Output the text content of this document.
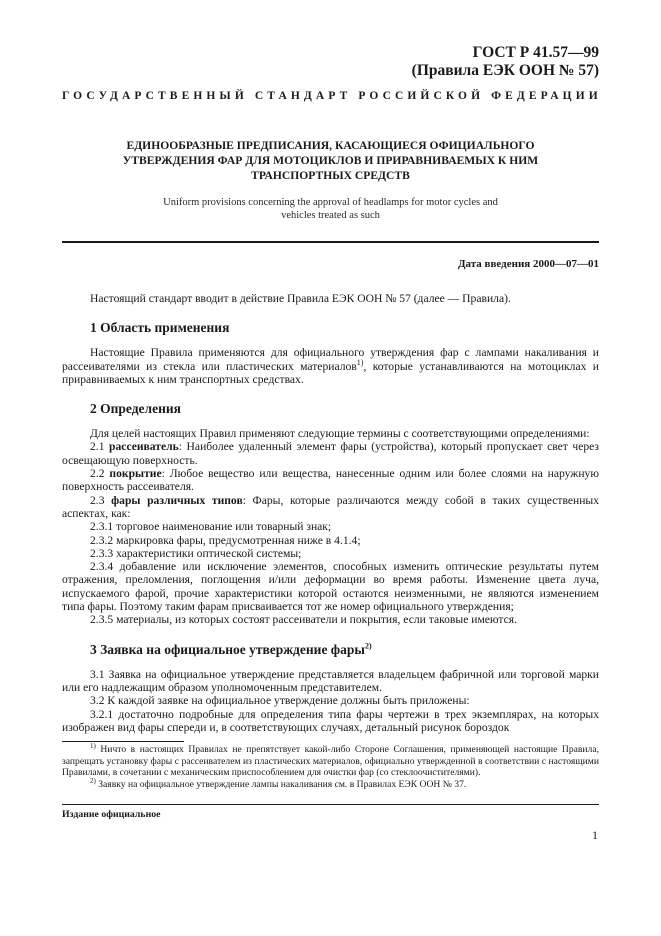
ГОСТ Р 41.57—99
(Правила ЕЭК ООН № 57)
ГОСУДАРСТВЕННЫЙ СТАНДАРТ РОССИЙСКОЙ ФЕДЕРАЦИИ
ЕДИНООБРАЗНЫЕ ПРЕДПИСАНИЯ, КАСАЮЩИЕСЯ ОФИЦИАЛЬНОГО
УТВЕРЖДЕНИЯ ФАР ДЛЯ МОТОЦИКЛОВ И ПРИРАВНИВАЕМЫХ К НИМ
ТРАНСПОРТНЫХ СРЕДСТВ
Uniform provisions concerning the approval of headlamps for motor cycles and
vehicles treated as such
Дата введения 2000—07—01

Настоящий стандарт вводит в действие Правила ЕЭК ООН № 57 (далее — Правила).

1 Область применения

Настоящие Правила применяются для официального утверждения фар с лампами накаливания и рассеивателями из стекла или пластических материалов$^{1)}$, которые устанавливаются на мотоциклах и приравниваемых к ним транспортных средствах.

2 Определения

Для целей настоящих Правил применяют следующие термины с соответствующими определениями:

2.1 рассеиватель: Наиболее удаленный элемент фары (устройства), который пропускает свет через освещающую поверхность.

2.2 покрытие: Любое вещество или вещества, нанесенные одним или более слоями на наружную поверхность рассеивателя.

2.3 фары различных типов: Фары, которые различаются между собой в таких существенных аспектах, как:

2.3.1 торговое наименование или товарный знак;

2.3.2 маркировка фары, предусмотренная ниже в 4.1.4;

2.3.3 характеристики оптической системы;

2.3.4 добавление или исключение элементов, способных изменить оптические результаты путем отражения, преломления, поглощения и/или деформации во время работы. Изменение цвета луча, испускаемого фарой, прочие характеристики которой остаются неизменными, не являются изменением типа фары. Поэтому таким фарам присваивается тот же номер официального утверждения;

2.3.5 материалы, из которых состоят рассеиватели и покрытия, если таковые имеются.

3 Заявка на официальное утверждение фары$^{2)}$

3.1 Заявка на официальное утверждение представляется владельцем фабричной или торговой марки или его надлежащим образом уполномоченным представителем.

3.2 К каждой заявке на официальное утверждение должны быть приложены:

3.2.1 достаточно подробные для определения типа фары чертежи в трех экземплярах, на которых изображен вид фары спереди и, в соответствующих случаях, детальный рисунок бороздок

$^{1)}$ Ничто в настоящих Правилах не препятствует какой-либо Стороне Соглашения, применяющей настоящие Правила, запрещать установку фары с рассеивателем из пластических материалов, официально утвержденной в соответствии с настоящими Правилами, в сочетании с механическим приспособлением для очистки фар (со стеклоочистителями).

$^{2)}$ Заявку на официальное утверждение лампы накаливания см. в Правилах ЕЭК ООН № 37.

Издание официальное
1
